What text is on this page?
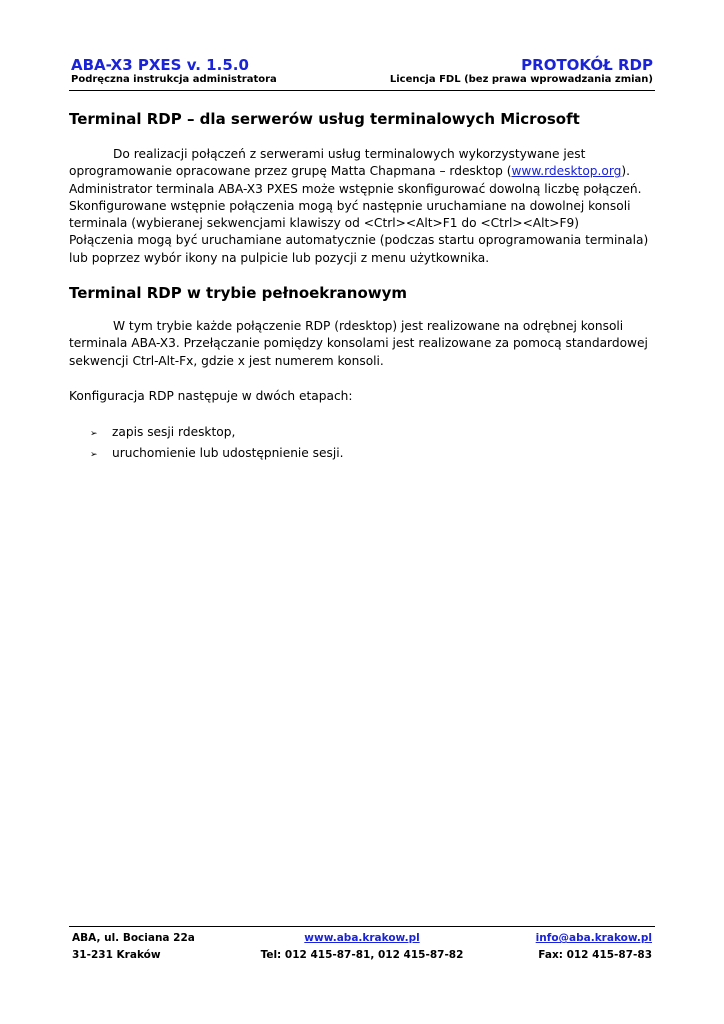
ABA-X3 PXES v. 1.5.0	PROTOKÓŁ RDP
Podręczna instrukcja administratora	Licencja FDL (bez prawa wprowadzania zmian)
Terminal RDP – dla serwerów usług terminalowych Microsoft
Do realizacji połączeń z serwerami usług terminalowych wykorzystywane jest
oprogramowanie opracowane przez grupę Matta Chapmana – rdesktop (www.rdesktop.org).
Administrator terminala ABA-X3 PXES może wstępnie skonfigurować dowolną liczbę połączeń.
Skonfigurowane wstępnie połączenia mogą być następnie uruchamiane na dowolnej konsoli
terminala (wybieranej sekwencjami klawiszy od <Ctrl><Alt>F1 do <Ctrl><Alt>F9)
Połączenia mogą być uruchamiane automatycznie (podczas startu oprogramowania terminala)
lub poprzez wybór ikony na pulpicie lub pozycji z menu użytkownika.
Terminal RDP w trybie pełnoekranowym
W tym trybie każde połączenie RDP (rdesktop) jest realizowane na odrębnej konsoli
terminala ABA-X3. Przełączanie pomiędzy konsolami jest realizowane za pomocą standardowej
sekwencji Ctrl-Alt-Fx, gdzie x jest numerem konsoli.
Konfiguracja RDP następuje w dwóch etapach:
➢ zapis sesji rdesktop,
➢ uruchomienie lub udostępnienie sesji.
ABA, ul. Bociana 22a
31-231 Kraków
www.aba.krakow.pl
Tel: 012 415-87-81, 012 415-87-82
info@aba.krakow.pl
Fax: 012 415-87-83
